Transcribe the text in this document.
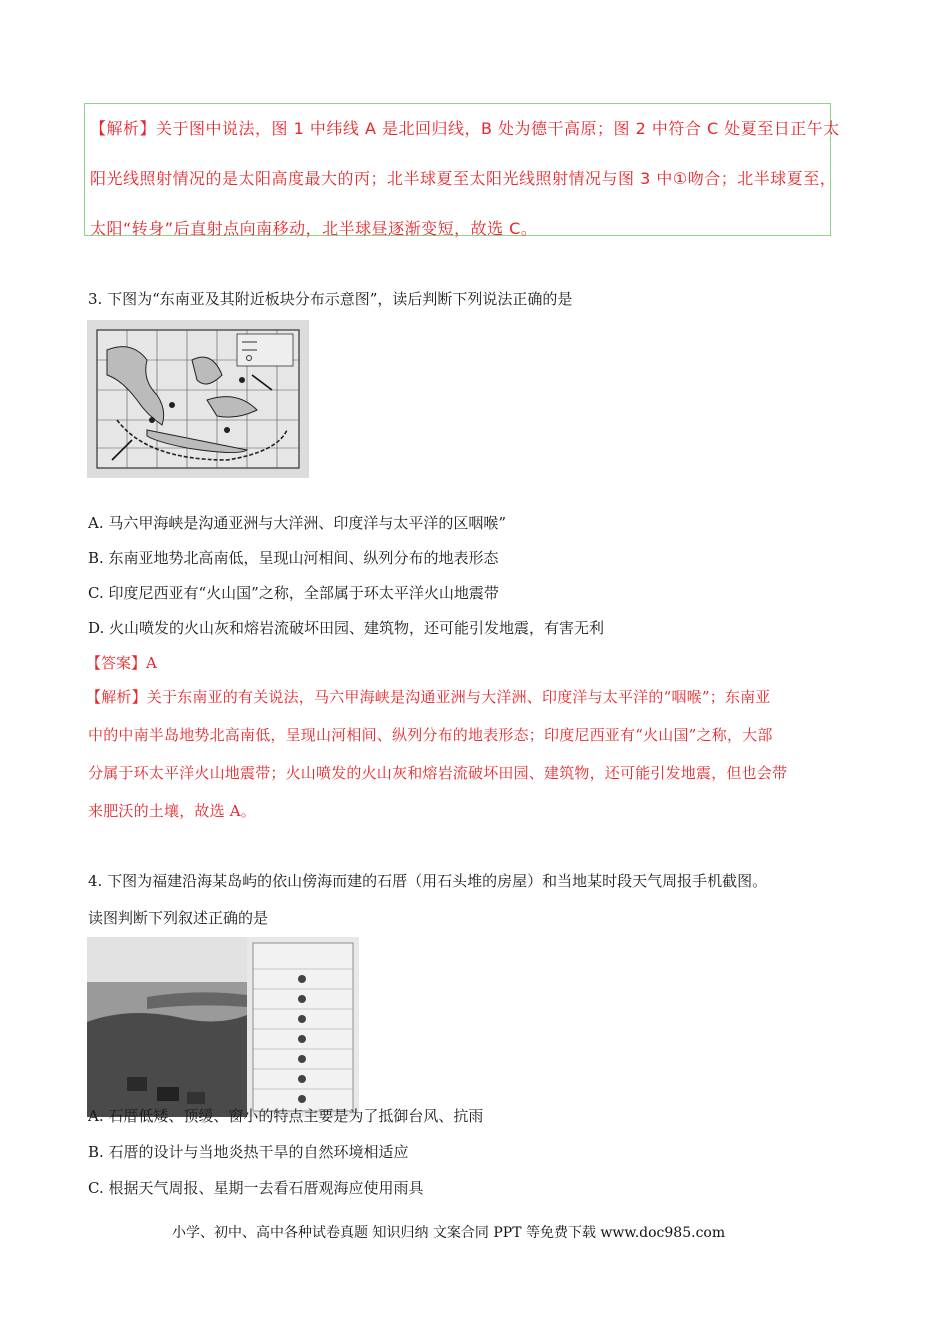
【解析】关于图中说法，图 1 中纬线 A 是北回归线，B 处为德干高原；图 2 中符合 C 处夏至日正午太
阳光线照射情况的是太阳高度最大的丙；北半球夏至太阳光线照射情况与图 3 中①吻合；北半球夏至，
太阳“转身”后直射点向南移动，北半球昼逐渐变短，故选 C。
3. 下图为“东南亚及其附近板块分布示意图”，读后判断下列说法正确的是
A. 马六甲海峡是沟通亚洲与大洋洲、印度洋与太平洋的区咽喉”
B. 东南亚地势北高南低，呈现山河相间、纵列分布的地表形态
C. 印度尼西亚有“火山国”之称，全部属于环太平洋火山地震带
D. 火山喷发的火山灰和熔岩流破坏田园、建筑物，还可能引发地震，有害无利
【答案】A
【解析】关于东南亚的有关说法，马六甲海峡是沟通亚洲与大洋洲、印度洋与太平洋的“咽喉”；东南亚
中的中南半岛地势北高南低，呈现山河相间、纵列分布的地表形态；印度尼西亚有“火山国”之称，大部
分属于环太平洋火山地震带；火山喷发的火山灰和熔岩流破坏田园、建筑物，还可能引发地震，但也会带
来肥沃的土壤，故选 A。
4. 下图为福建沿海某岛屿的依山傍海而建的石厝（用石头堆的房屋）和当地某时段天气周报手机截图。
读图判断下列叙述正确的是
A. 石厝低矮、顶缓、窗小的特点主要是为了抵御台风、抗雨
B. 石厝的设计与当地炎热干旱的自然环境相适应
C. 根据天气周报、星期一去看石厝观海应使用雨具
小学、初中、高中各种试卷真题 知识归纳 文案合同 PPT 等免费下载 www.doc985.com
